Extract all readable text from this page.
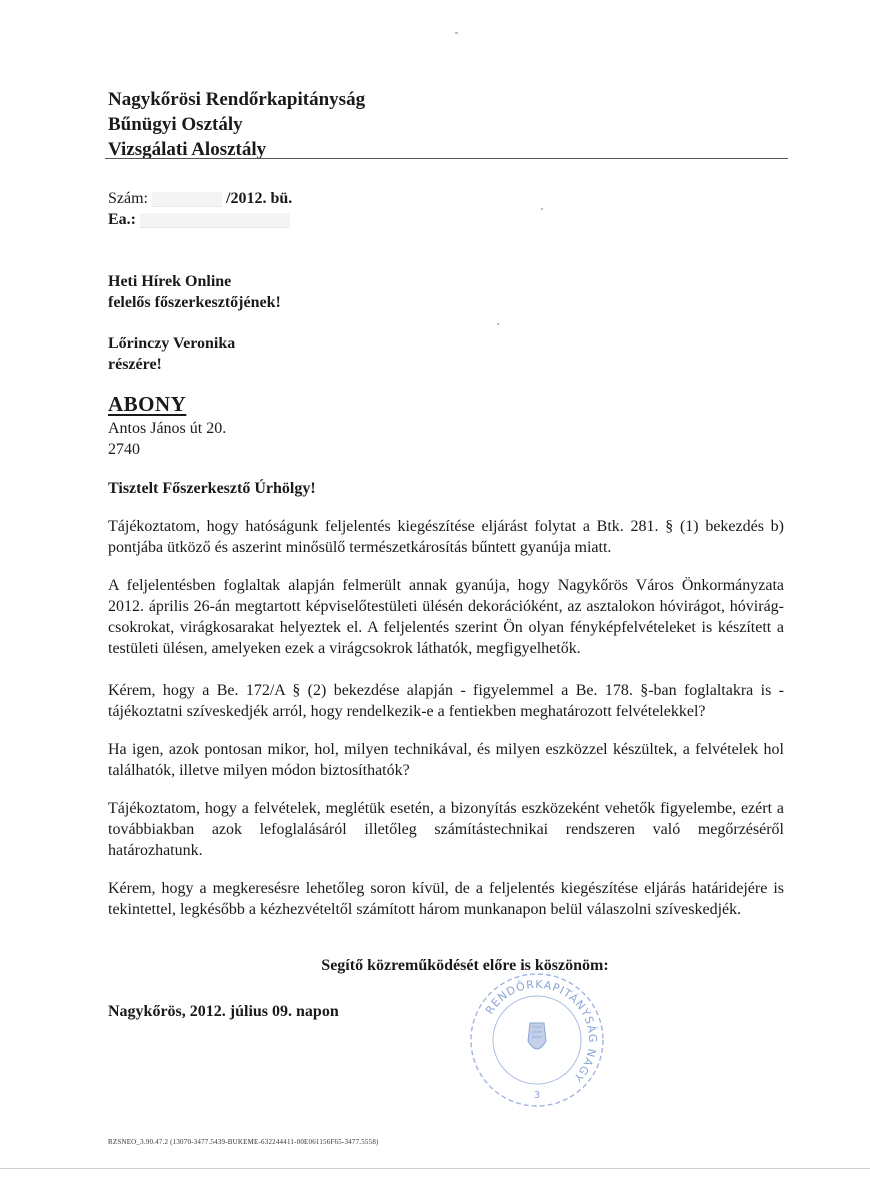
Nagykőrösi Rendőrkapitányság
Bűnügyi Osztály
Vizsgálati Alosztály
Szám:	/2012. bü.
Ea.:
Heti Hírek Online
felelős főszerkesztőjének!
Lőrinczy Veronika
részére!
ABONY
Antos János út 20.
2740
Tisztelt Főszerkesztő Úrhölgy!
Tájékoztatom, hogy hatóságunk feljelentés kiegészítése eljárást folytat a Btk. 281. § (1) bekezdés b) pontjába ütköző és aszerint minősülő természetkárosítás bűntett gyanúja miatt.
A feljelentésben foglaltak alapján felmerült annak gyanúja, hogy Nagykőrös Város Önkormányzata 2012. április 26-án megtartott képviselőtestületi ülésén dekorációként, az asztalokon hóvirágot, hóvirág-csokrokat, virágkosarakat helyeztek el. A feljelentés szerint Ön olyan fényképfelvételeket is készített a testületi ülésen, amelyeken ezek a virágcsokrok láthatók, megfigyelhetők.
Kérem, hogy a Be. 172/A § (2) bekezdése alapján - figyelemmel a Be. 178. §-ban foglaltakra is - tájékoztatni szíveskedjék arról, hogy rendelkezik-e a fentiekben meghatározott felvételekkel?
Ha igen, azok pontosan mikor, hol, milyen technikával, és milyen eszközzel készültek, a felvételek hol találhatók, illetve milyen módon biztosíthatók?
Tájékoztatom, hogy a felvételek, meglétük esetén, a bizonyítás eszközeként vehetők figyelembe, ezért a továbbiakban azok lefoglalásáról illetőleg számítástechnikai rendszeren való megőrzéséről határozhatunk.
Kérem, hogy a megkeresésre lehetőleg soron kívül, de a feljelentés kiegészítése eljárás határidejére is tekintettel, legkésőbb a kézhezvételtől számított három munkanapon belül válaszolni szíveskedjék.
Segítő közreműködését előre is köszönöm:
Nagykőrös, 2012. július 09. napon	RENDŐRKAPITÁNYSÁG NAGY
3
RZSNEO_3.90.47.2 (13070-3477.5439-BUKEME-632244411-00E061156F65-3477.5558)
